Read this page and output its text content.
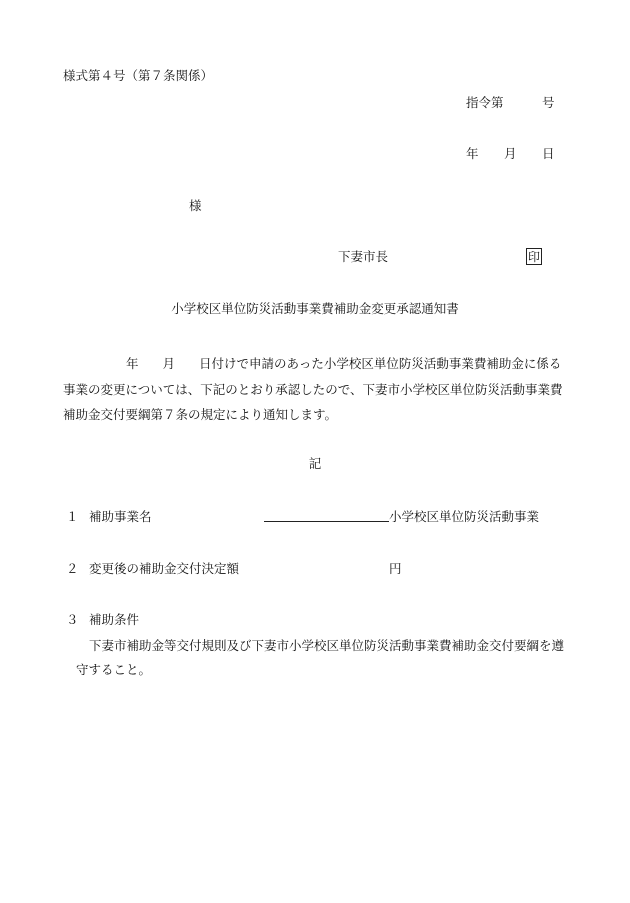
様式第４号（第７条関係）
指令第	号
年 月 日
様
下妻市長	印
小学校区単位防災活動事業費補助金変更承認通知書
年 月 日付けで申請のあった小学校区単位防災活動事業費補助金に係る
事業の変更については、下記のとおり承認したので、下妻市小学校区単位防災活動事業費
補助金交付要綱第７条の規定により通知します。
記
１ 補助事業名	小学校区単位防災活動事業
２ 変更後の補助金交付決定額	円
３ 補助条件
下妻市補助金等交付規則及び下妻市小学校区単位防災活動事業費補助金交付要綱を遵
守すること。
